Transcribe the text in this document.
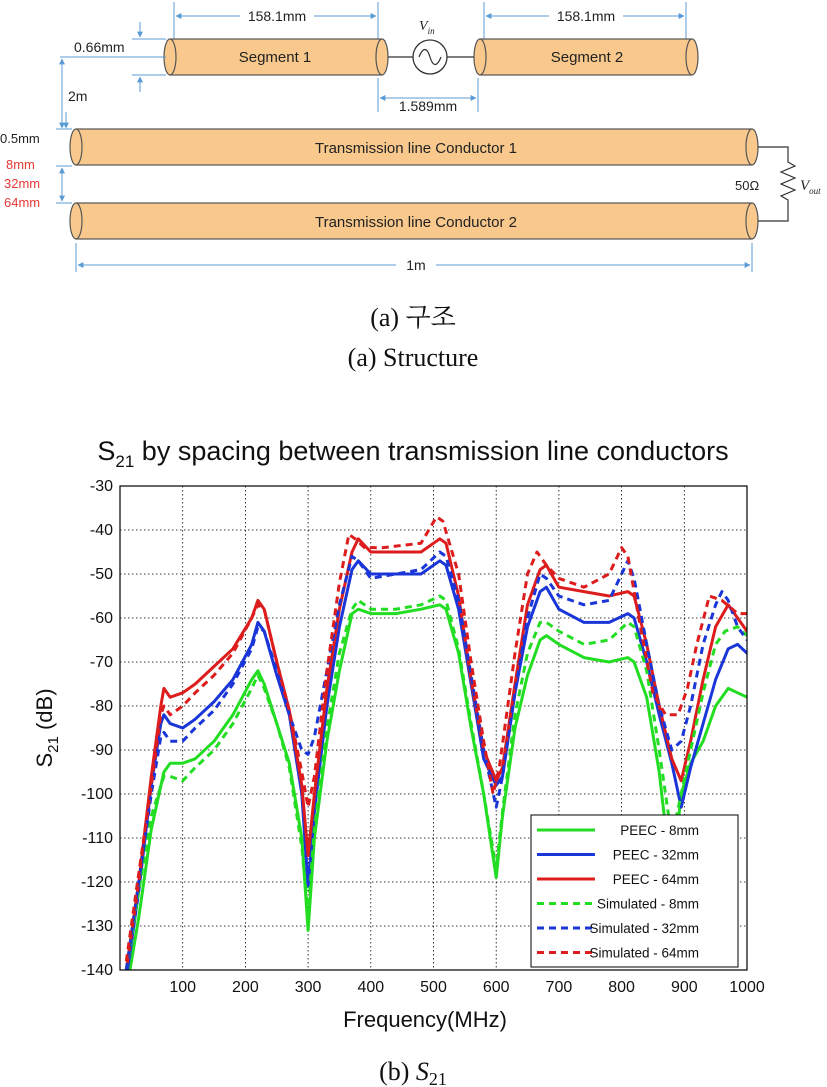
158.1mm	158.1mm
Segment 1	Segment 2
$V_{in}$
1.589mm
0.66mm
2m
Transmission line Conductor 1
Transmission line Conductor 2
0.5mm
8mm
32mm
64mm
50Ω	$V_{out}$
1m
(a) 구조
(a) Structure
$S_{21}$ by spacing between transmission line conductors
100 200 300 400 500 600 700 800 900 1000
-30
-40
-50
-60
-70
-80
-90
-100
-110
-120
-130
-140
Frequency(MHz)
$S_{21}$ (dB)
PEEC - 8mm
PEEC - 32mm
PEEC - 64mm
Simulated - 8mm
Simulated - 32mm
Simulated - 64mm
(b) S21
